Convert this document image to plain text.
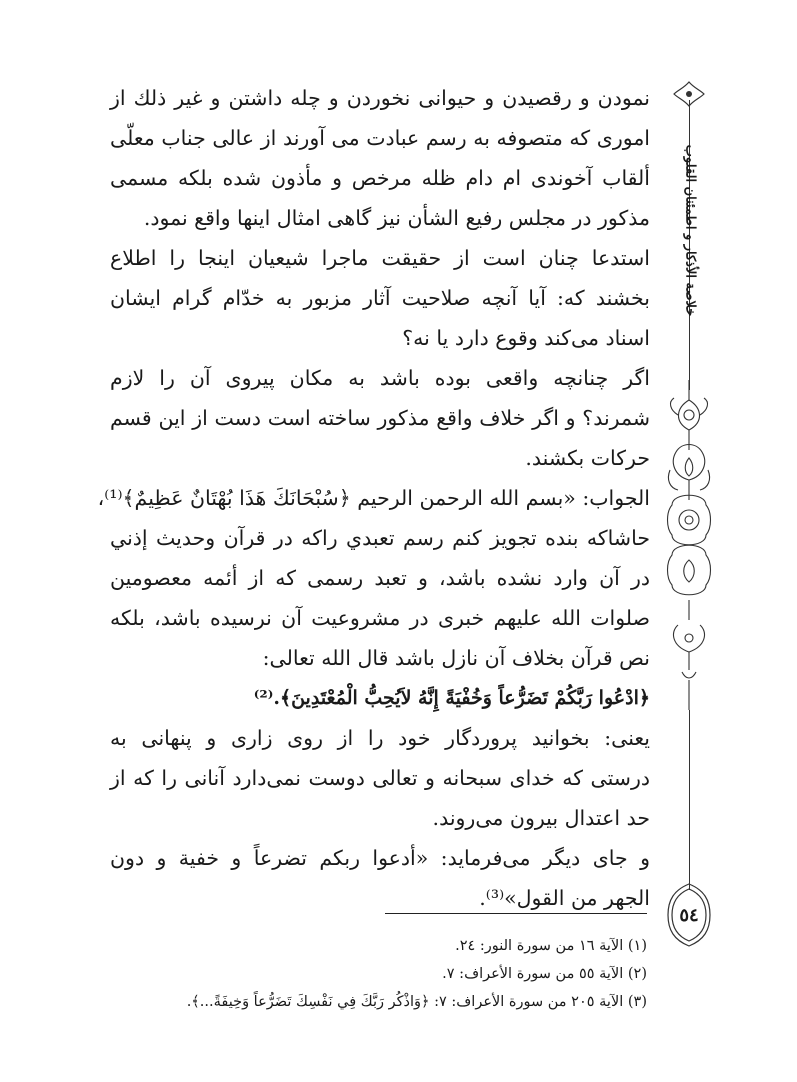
خلاصة الأذكار و اطمئنان القلوب
٥٤
نمودن و رقصیدن و حیوانی نخوردن و چله داشتن و غیر ذلك از
اموری که متصوفه به رسم عبادت می آورند از عالی جناب معلّی
ألقاب آخوندی ام دام ظله مرخص و مأذون شده بلکه مسمی
مذکور در مجلس رفیع الشأن نیز گاهی امثال اینها واقع نمود.
استدعا چنان است از حقیقت ماجرا شیعیان اینجا را اطلاع
بخشند که: آیا آنچه صلاحیت آثار مزبور به خدّام گرام ایشان
اسناد می‌کند وقوع دارد یا نه؟
اگر چنانچه واقعی بوده باشد به مکان پیروی آن را لازم
شمرند؟ و اگر خلاف واقع مذکور ساخته است دست از این قسم
حرکات بکشند.
الجواب: «بسم الله الرحمن الرحيم ﴿سُبْحَانَكَ هَذَا بُهْتَانٌ عَظِيمٌ﴾⁽¹⁾،
حاشاکه بنده تجویز کنم رسم تعبدي راکه در قرآن وحدیث إذني
در آن وارد نشده باشد، و تعبد رسمی که از أئمه معصومین
صلوات الله علیهم خبری در مشروعیت آن نرسیده باشد، بلکه
نص قرآن بخلاف آن نازل باشد قال الله تعالى:
﴿ادْعُوا رَبَّكُمْ تَضَرُّعاً وَخُفْيَةً إِنَّهُ لاَيُحِبُّ الْمُعْتَدِينَ﴾.⁽²⁾
یعنی: بخوانید پروردگار خود را از روی زاری و پنهانی به
درستی که خدای سبحانه و تعالی دوست نمی‌دارد آنانی را که از
حد اعتدال بیرون می‌روند.
و جای دیگر می‌فرماید: «أدعوا ربکم تضرعاً و خفیة و دون
الجهر من القول»⁽³⁾.
(١) الآية ١٦ من سورة النور: ٢٤.
(٢) الآية ٥٥ من سورة الأعراف: ٧.
(٣) الآية ٢٠٥ من سورة الأعراف: ٧: ﴿وَاذْكُر رَبَّكَ فِي نَفْسِكَ تَضَرُّعاً وَخِيفَةً...﴾.
